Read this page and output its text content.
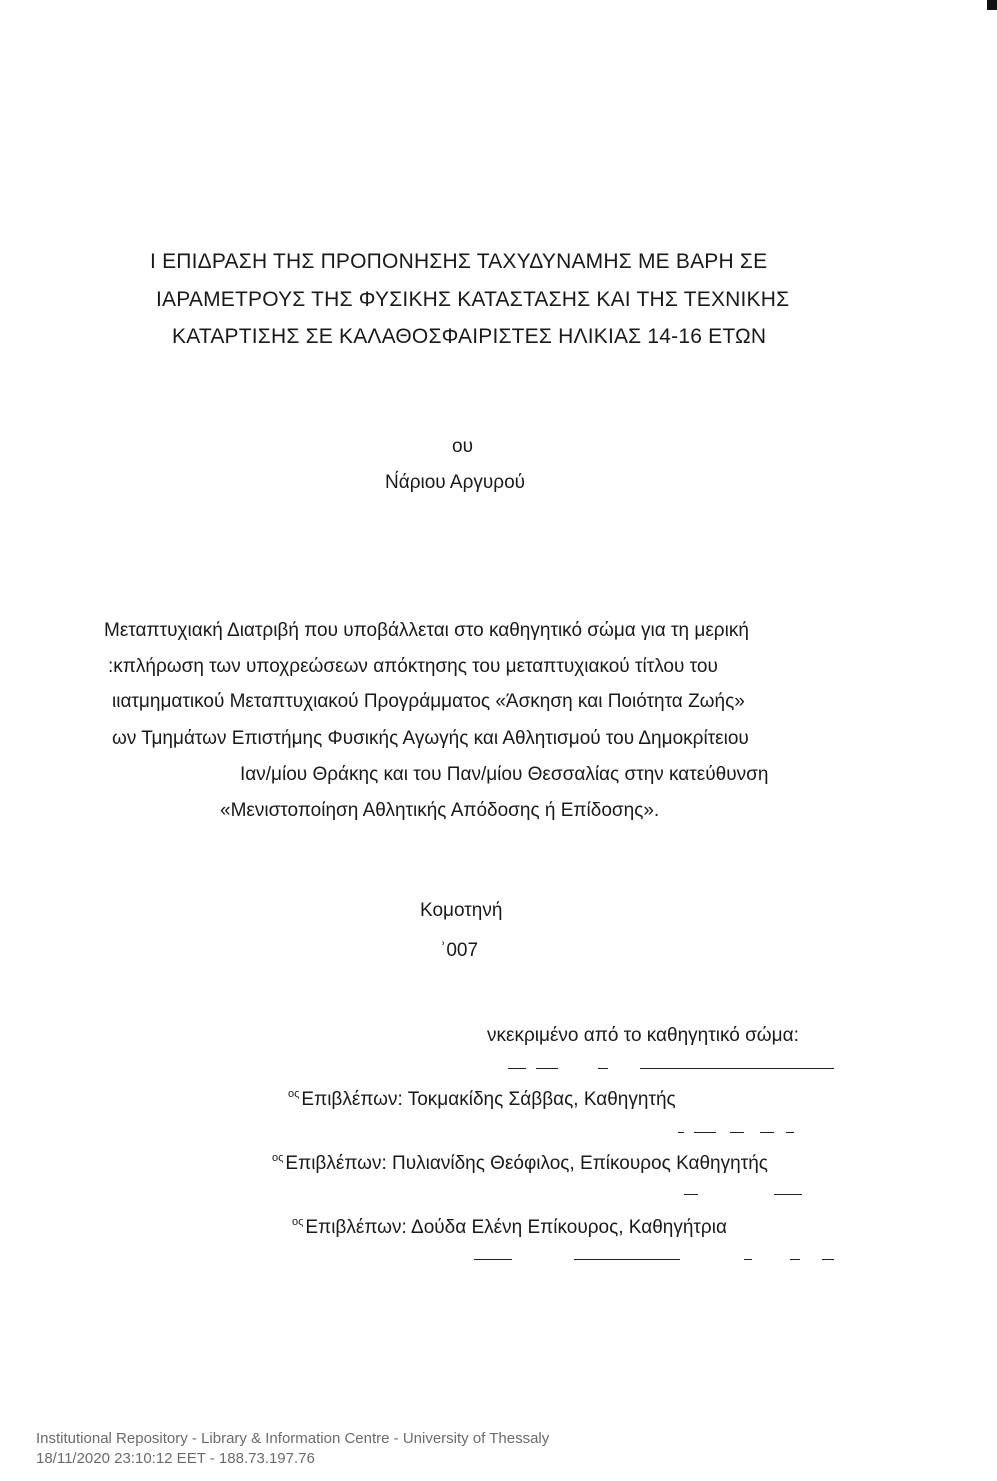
Ι ΕΠΙΔΡΑΣΗ ΤΗΣ ΠΡΟΠΟΝΗΣΗΣ ΤΑΧΥΔΥΝΑΜΗΣ ΜΕ ΒΑΡΗ ΣΕ
ΙΑΡΑΜΕΤΡΟΥΣ ΤΗΣ ΦΥΣΙΚΗΣ ΚΑΤΑΣΤΑΣΗΣ ΚΑΙ ΤΗΣ ΤΕΧΝΙΚΗΣ
ΚΑΤΑΡΤΙΣΗΣ ΣΕ ΚΑΛΑΘΟΣΦΑΙΡΙΣΤΕΣ ΗΛΙΚΙΑΣ 14-16 ΕΤΩΝ
ου
Ν́άριου Αργυρού
Μεταπτυχιακή Διατριβή που υποβάλλεται στο καθηγητικό σώμα για τη μερική
:κπλήρωση των υποχρεώσεων απόκτησης του μεταπτυχιακού τίτλου του
ιιατμηματικού Μεταπτυχιακού Προγράμματος «Άσκηση και Ποιότητα Ζωής»
ων Τμημάτων Επιστήμης Φυσικής Αγωγής και Αθλητισμού του Δημοκρίτειου
Ιαν/μίου Θράκης και του Παν/μίου Θεσσαλίας στην κατεύθυνση
«Μενιστοποίηση Αθλητικής Απόδοσης ή Επίδοσης».
Κομοτηνή
ʾ007
νκεκριμένο από το καθηγητικό σώμα:
$^{o\varsigma}$ Επιβλέπων: Τοκμακίδης Σάββας, Καθηγητής
$^{o\varsigma}$ Επιβλέπων: Πυλιανίδης Θεόφιλος, Επίκουρος Καθηγητής
$^{o\varsigma}$ Επιβλέπων: Δούδα Ελένη Επίκουρος, Καθηγήτρια
Institutional Repository - Library & Information Centre - University of Thessaly
18/11/2020 23:10:12 EET - 188.73.197.76
